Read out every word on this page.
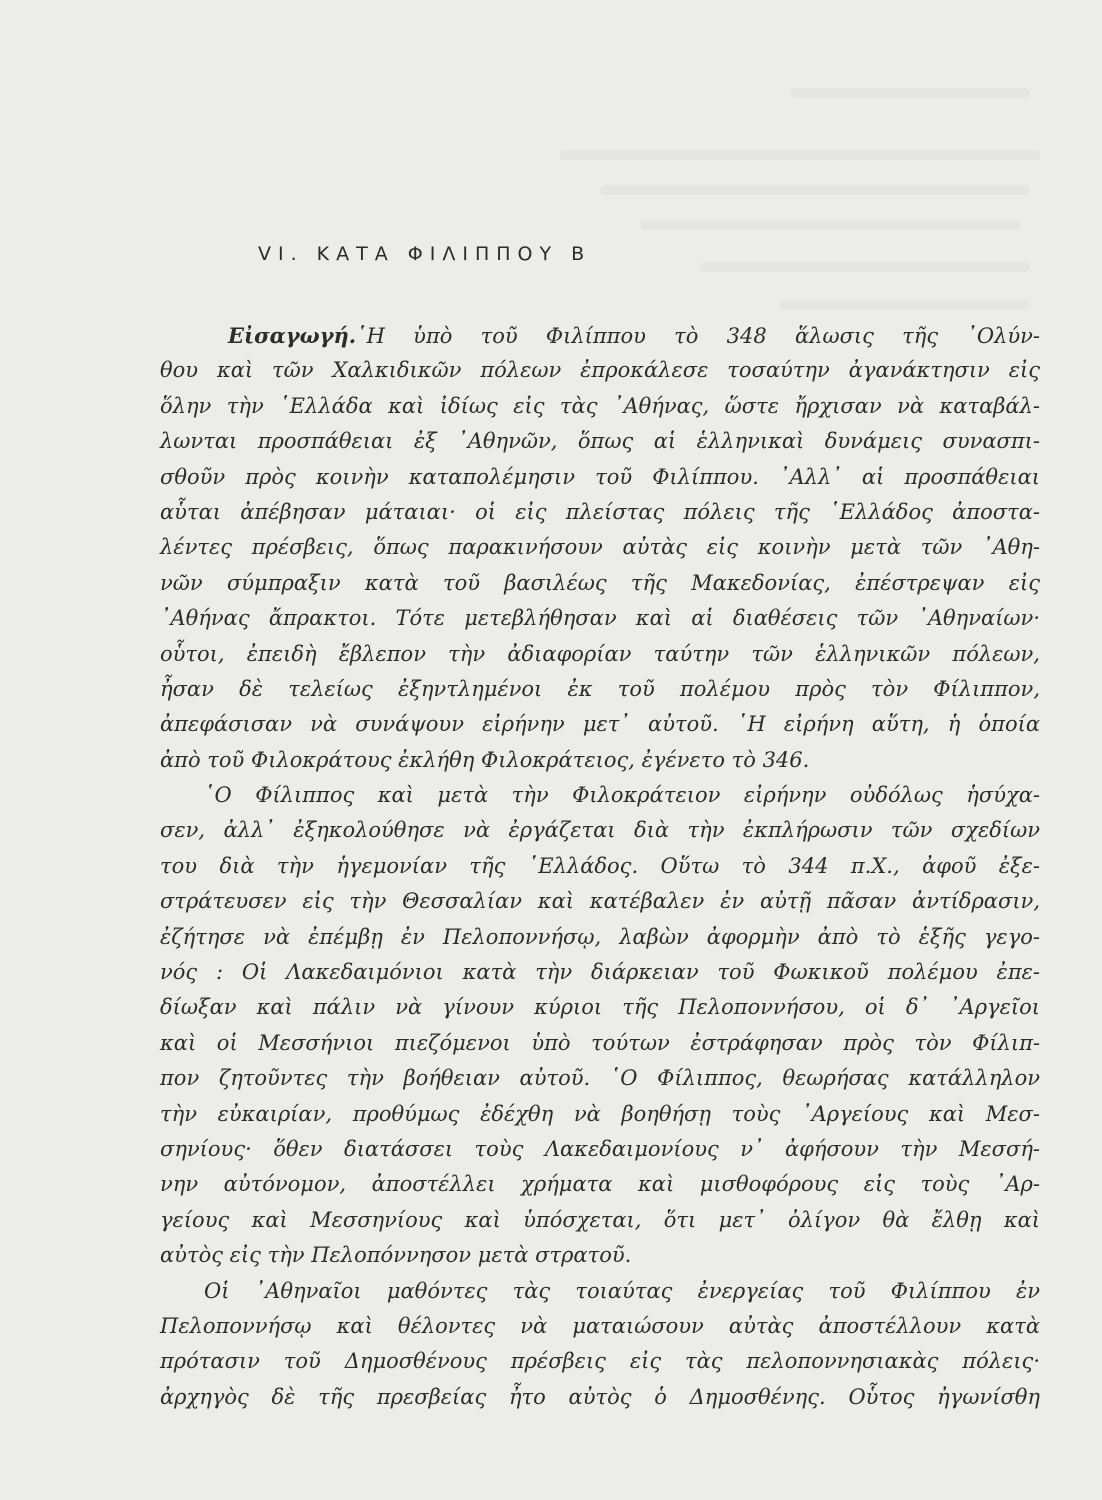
VI. ΚΑΤΑ ΦΙΛΙΠΠΟΥ Β
Εἰσαγωγή.῾Η ὑπὸ τοῦ Φιλίππου τὸ 348 ἅλωσις τῆς ᾿Ολύν-
θου καὶ τῶν Χαλκιδικῶν πόλεων ἐπροκάλεσε τοσαύτην ἀγανάκτησιν εἰς
ὅλην τὴν ῾Ελλάδα καὶ ἰδίως εἰς τὰς ᾿Αθήνας, ὥστε ἤρχισαν νὰ καταβάλ-
λωνται προσπάθειαι ἐξ ᾿Αθηνῶν, ὅπως αἱ ἑλληνικαὶ δυνάμεις συνασπι-
σθοῦν πρὸς κοινὴν καταπολέμησιν τοῦ Φιλίππου. ᾿Αλλ᾿ αἱ προσπάθειαι
αὗται ἀπέβησαν μάταιαι· οἱ εἰς πλείστας πόλεις τῆς ῾Ελλάδος ἀποστα-
λέντες πρέσβεις, ὅπως παρακινήσουν αὐτὰς εἰς κοινὴν μετὰ τῶν ᾿Αθη-
νῶν σύμπραξιν κατὰ τοῦ βασιλέως τῆς Μακεδονίας, ἐπέστρεψαν εἰς
᾿Αθήνας ἄπρακτοι. Τότε μετεβλήθησαν καὶ αἱ διαθέσεις τῶν ᾿Αθηναίων·
οὗτοι, ἐπειδὴ ἔβλεπον τὴν ἀδιαφορίαν ταύτην τῶν ἑλληνικῶν πόλεων,
ἦσαν δὲ τελείως ἐξηντλημένοι ἐκ τοῦ πολέμου πρὸς τὸν Φίλιππον,
ἀπεφάσισαν νὰ συνάψουν εἰρήνην μετ᾿ αὐτοῦ. ῾Η εἰρήνη αὕτη, ἡ ὁποία
ἀπὸ τοῦ Φιλοκράτους ἐκλήθη Φιλοκράτειος, ἐγένετο τὸ 346.
῾Ο Φίλιππος καὶ μετὰ τὴν Φιλοκράτειον εἰρήνην οὐδόλως ἡσύχα-
σεν, ἀλλ᾿ ἐξηκολούθησε νὰ ἐργάζεται διὰ τὴν ἐκπλήρωσιν τῶν σχεδίων
του διὰ τὴν ἡγεμονίαν τῆς ῾Ελλάδος. Οὕτω τὸ 344 π.Χ., ἀφοῦ ἐξε-
στράτευσεν εἰς τὴν Θεσσαλίαν καὶ κατέβαλεν ἐν αὐτῇ πᾶσαν ἀντίδρασιν,
ἐζήτησε νὰ ἐπέμβῃ ἐν Πελοποννήσῳ, λαβὼν ἀφορμὴν ἀπὸ τὸ ἑξῆς γεγο-
νός : Οἱ Λακεδαιμόνιοι κατὰ τὴν διάρκειαν τοῦ Φωκικοῦ πολέμου ἐπε-
δίωξαν καὶ πάλιν νὰ γίνουν κύριοι τῆς Πελοποννήσου, οἱ δ᾿ ᾿Αργεῖοι
καὶ οἱ Μεσσήνιοι πιεζόμενοι ὑπὸ τούτων ἐστράφησαν πρὸς τὸν Φίλιπ-
πον ζητοῦντες τὴν βοήθειαν αὐτοῦ. ῾Ο Φίλιππος, θεωρήσας κατάλληλον
τὴν εὐκαιρίαν, προθύμως ἐδέχθη νὰ βοηθήσῃ τοὺς ᾿Αργείους καὶ Μεσ-
σηνίους· ὅθεν διατάσσει τοὺς Λακεδαιμονίους ν᾿ ἀφήσουν τὴν Μεσσή-
νην αὐτόνομον, ἀποστέλλει χρήματα καὶ μισθοφόρους εἰς τοὺς ᾿Αρ-
γείους καὶ Μεσσηνίους καὶ ὑπόσχεται, ὅτι μετ᾿ ὀλίγον θὰ ἔλθῃ καὶ
αὐτὸς εἰς τὴν Πελοπόννησον μετὰ στρατοῦ.
Οἱ ᾿Αθηναῖοι μαθόντες τὰς τοιαύτας ἐνεργείας τοῦ Φιλίππου ἐν
Πελοποννήσῳ καὶ θέλοντες νὰ ματαιώσουν αὐτὰς ἀποστέλλουν κατὰ
πρότασιν τοῦ Δημοσθένους πρέσβεις εἰς τὰς πελοποννησιακὰς πόλεις·
ἀρχηγὸς δὲ τῆς πρεσβείας ἦτο αὐτὸς ὁ Δημοσθένης. Οὗτος ἠγωνίσθη
